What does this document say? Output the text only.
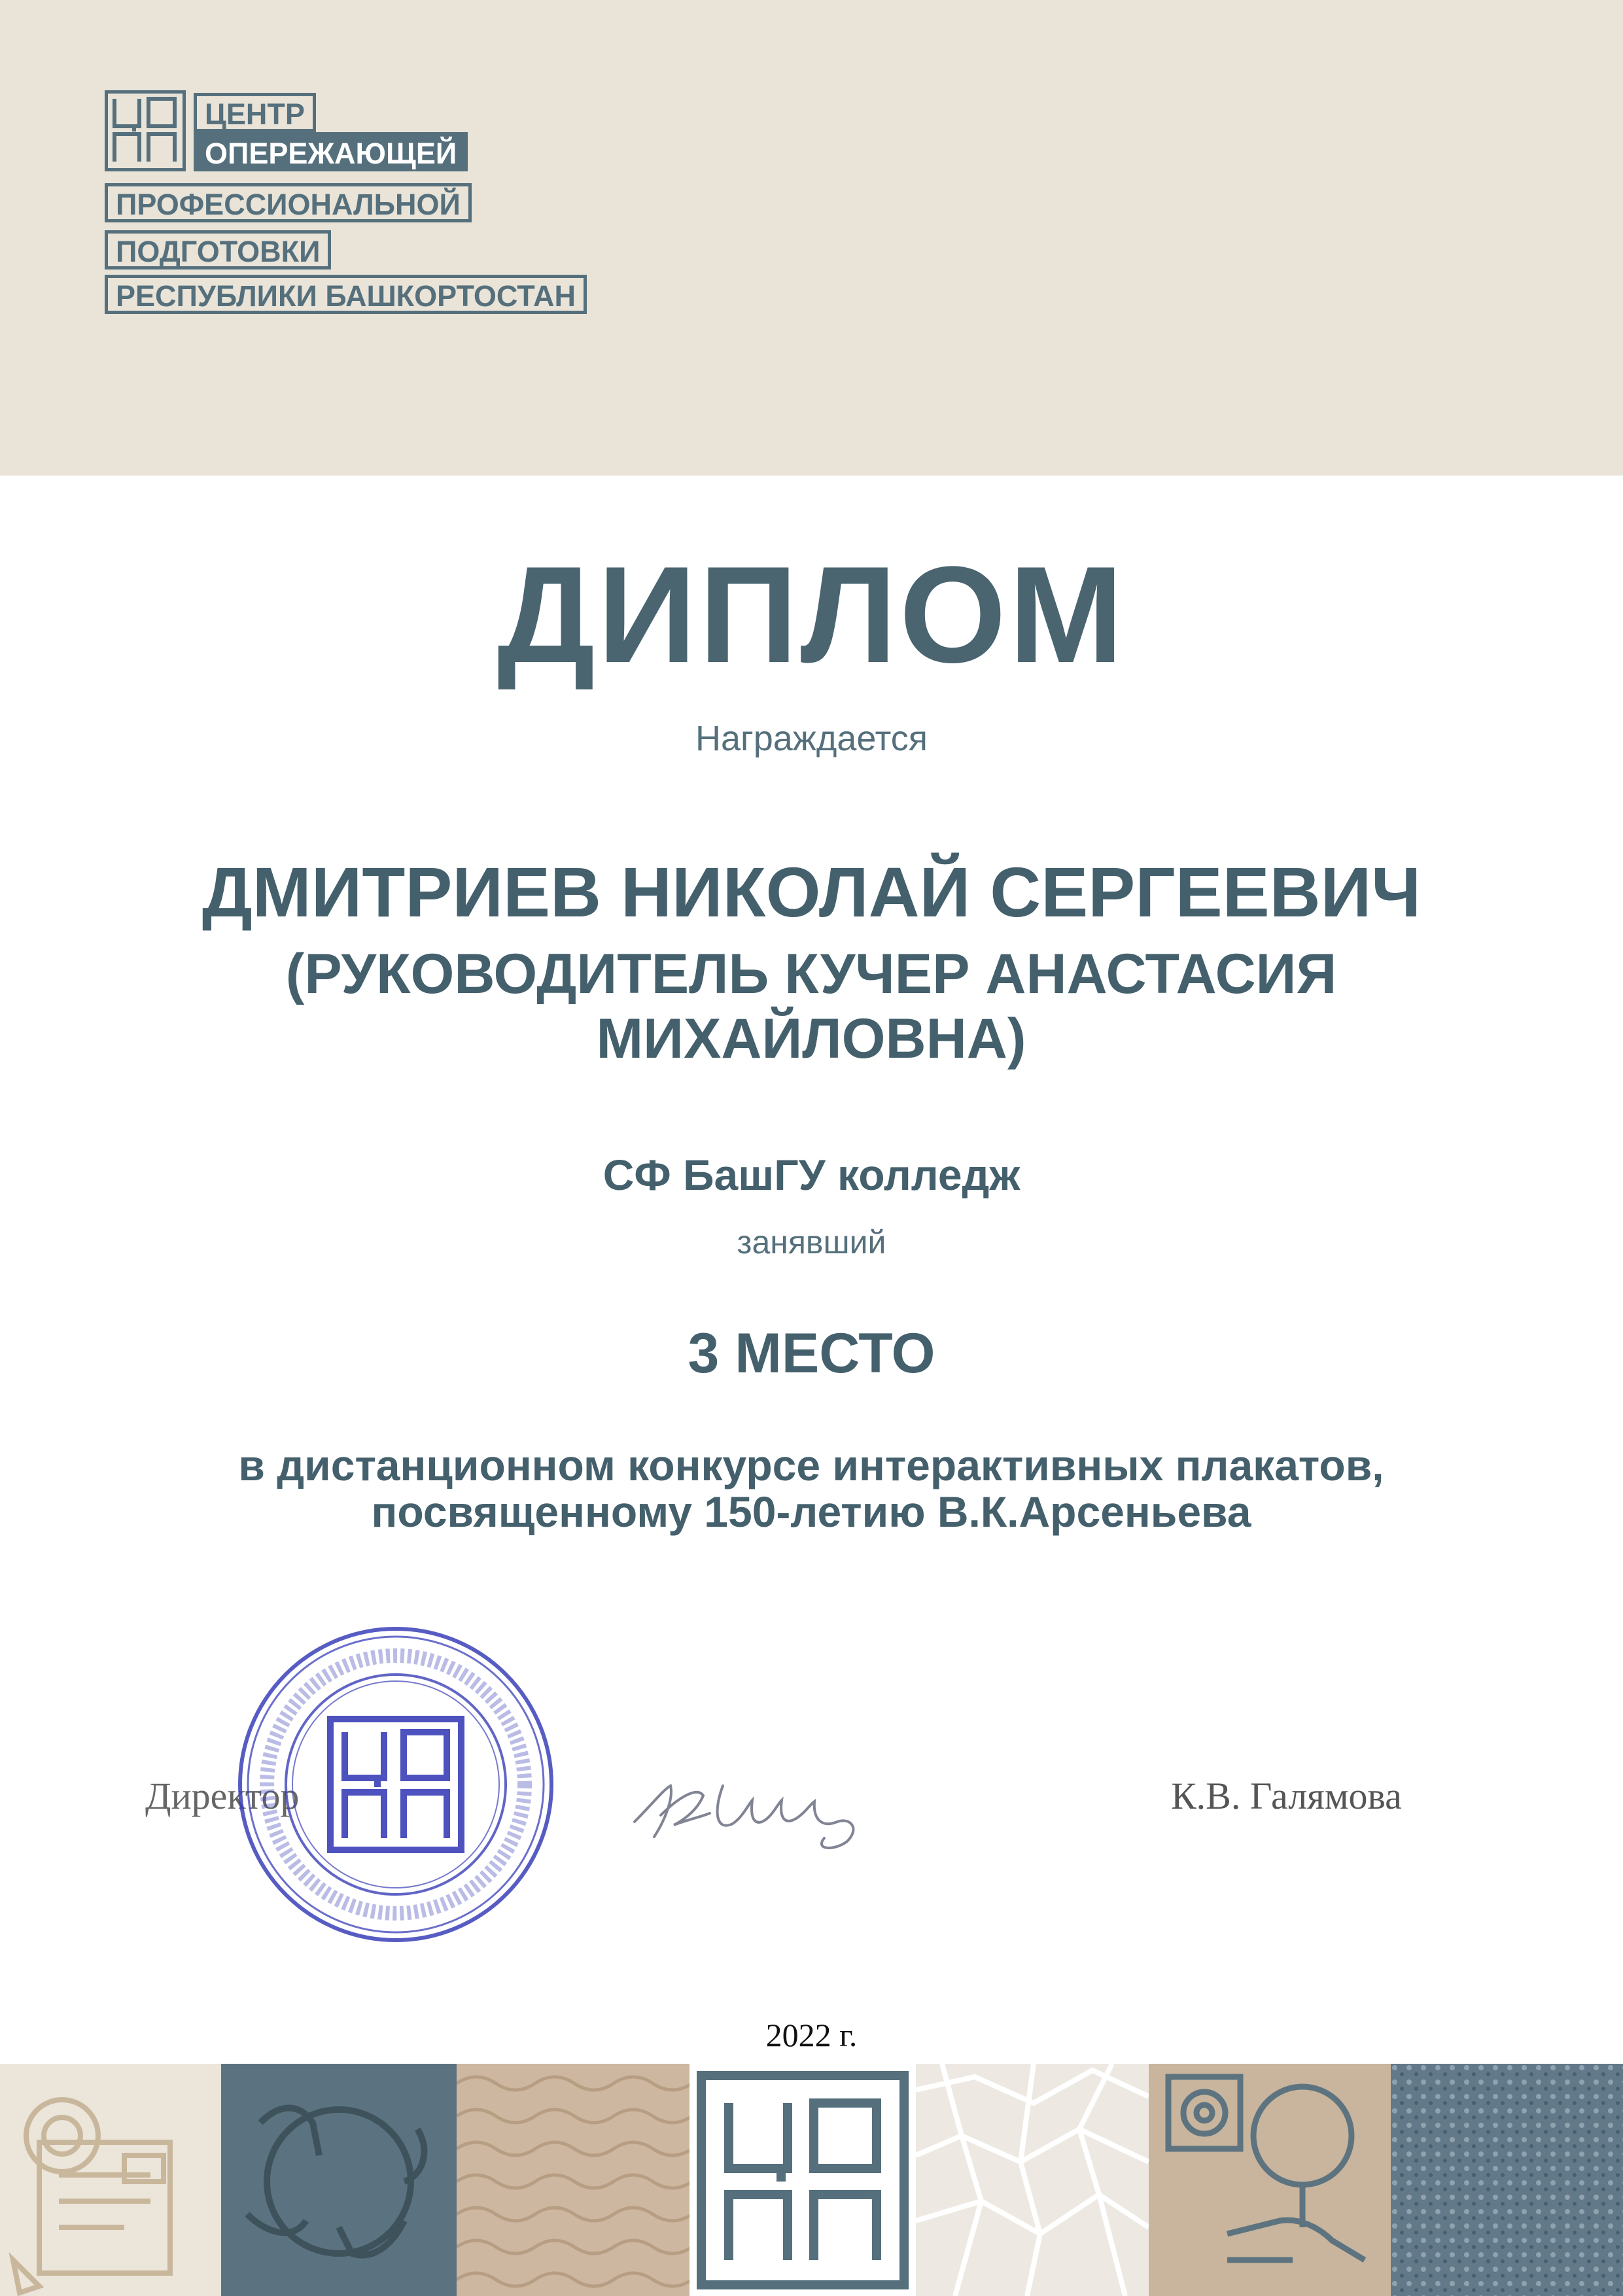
ЦЕНТР
ОПЕРЕЖАЮЩЕЙ
ПРОФЕССИОНАЛЬНОЙ
ПОДГОТОВКИ
РЕСПУБЛИКИ БАШКОРТОСТАН
ДИПЛОМ
Награждается
ДМИТРИЕВ НИКОЛАЙ СЕРГЕЕВИЧ
(РУКОВОДИТЕЛЬ КУЧЕР АНАСТАСИЯ МИХАЙЛОВНА)
СФ БашГУ колледж
занявший
3 МЕСТО
в дистанционном конкурсе интерактивных плакатов,
посвященному 150-летию В.К.Арсеньева
Директор	К.В. Галямова
2022 г.
